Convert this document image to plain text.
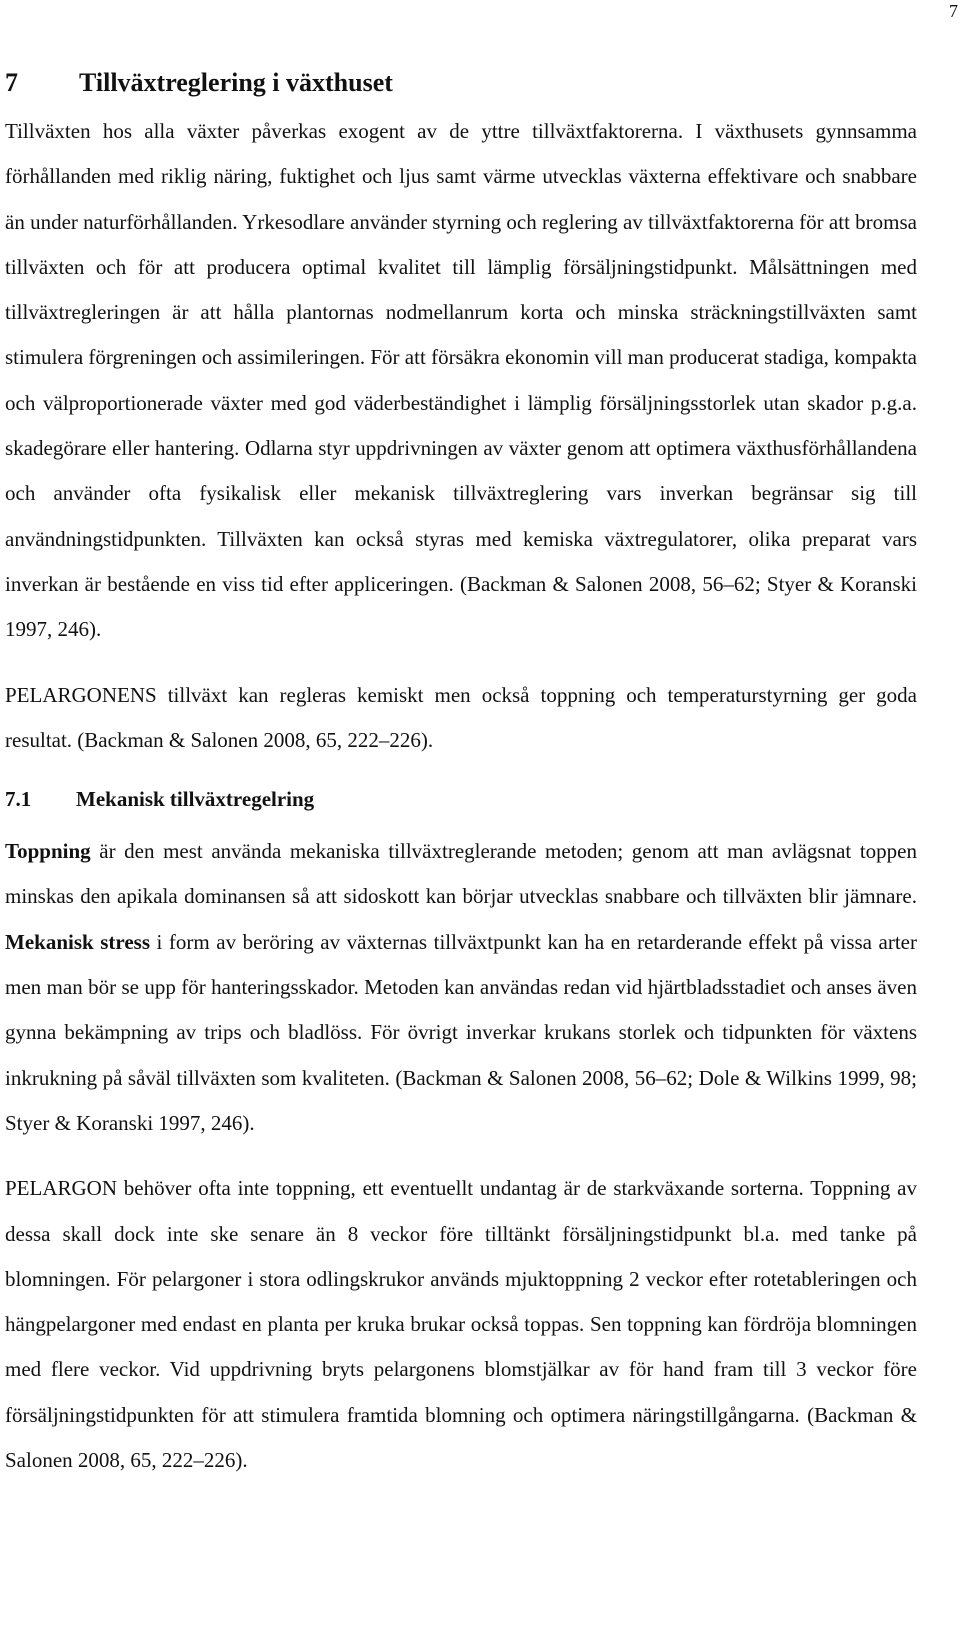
7
7 Tillväxtreglering i växthuset

Tillväxten hos alla växter påverkas exogent av de yttre tillväxtfaktorerna. I växthusets gynnsamma förhållanden med riklig näring, fuktighet och ljus samt värme utvecklas växterna effektivare och snabbare än under naturförhållanden. Yrkesodlare använder styrning och reglering av tillväxtfaktorerna för att bromsa tillväxten och för att producera optimal kvalitet till lämplig försäljningstidpunkt. Målsättningen med tillväxtregleringen är att hålla plantornas nodmellanrum korta och minska sträckningstillväxten samt stimulera förgreningen och assimileringen. För att försäkra ekonomin vill man producerat stadiga, kompakta och välproportionerade växter med god väderbeständighet i lämplig försäljningsstorlek utan skador p.g.a. skadegörare eller hantering. Odlarna styr uppdrivningen av växter genom att optimera växthusförhållandena och använder ofta fysikalisk eller mekanisk tillväxtreglering vars inverkan begränsar sig till användningstidpunkten. Tillväxten kan också styras med kemiska växtregulatorer, olika preparat vars inverkan är bestående en viss tid efter appliceringen. (Backman & Salonen 2008, 56–62; Styer & Koranski 1997, 246).

PELARGONENS tillväxt kan regleras kemiskt men också toppning och temperaturstyrning ger goda resultat. (Backman & Salonen 2008, 65, 222–226).

7.1 Mekanisk tillväxtregelring

Toppning är den mest använda mekaniska tillväxtreglerande metoden; genom att man avlägsnat toppen minskas den apikala dominansen så att sidoskott kan börjar utvecklas snabbare och tillväxten blir jämnare. Mekanisk stress i form av beröring av växternas tillväxtpunkt kan ha en retarderande effekt på vissa arter men man bör se upp för hanteringsskador. Metoden kan användas redan vid hjärtbladsstadiet och anses även gynna bekämpning av trips och bladlöss. För övrigt inverkar krukans storlek och tidpunkten för växtens inkrukning på såväl tillväxten som kvaliteten. (Backman & Salonen 2008, 56–62; Dole & Wilkins 1999, 98; Styer & Koranski 1997, 246).

PELARGON behöver ofta inte toppning, ett eventuellt undantag är de starkväxande sorterna. Toppning av dessa skall dock inte ske senare än 8 veckor före tilltänkt försäljningstidpunkt bl.a. med tanke på blomningen. För pelargoner i stora odlingskrukor används mjuktoppning 2 veckor efter rotetableringen och hängpelargoner med endast en planta per kruka brukar också toppas. Sen toppning kan fördröja blomningen med flere veckor. Vid uppdrivning bryts pelargonens blomstjälkar av för hand fram till 3 veckor före försäljningstidpunkten för att stimulera framtida blomning och optimera näringstillgångarna. (Backman & Salonen 2008, 65, 222–226).
